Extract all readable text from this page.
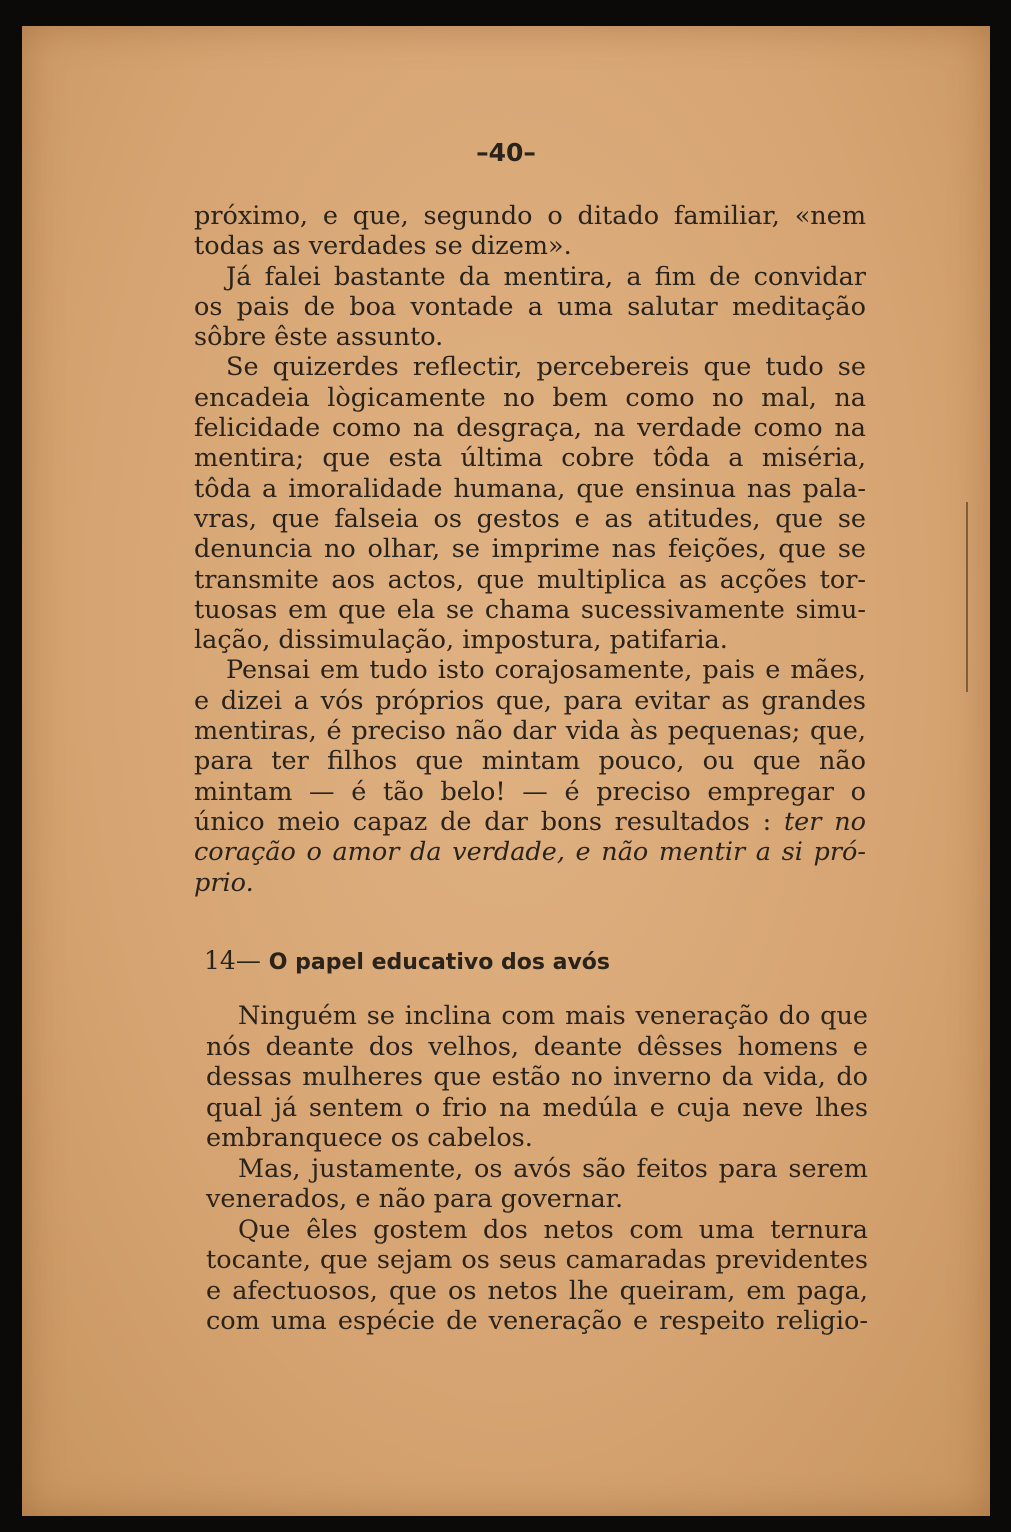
–40–
próximo, e que, segundo o ditado familiar, «nem
todas as verdades se dizem».
Já falei bastante da mentira, a fim de convidar
os pais de boa vontade a uma salutar meditação
sôbre êste assunto.
Se quizerdes reflectir, percebereis que tudo se
encadeia lògicamente no bem como no mal, na
felicidade como na desgraça, na verdade como na
mentira; que esta última cobre tôda a miséria,
tôda a imoralidade humana, que ensinua nas pala-
vras, que falseia os gestos e as atitudes, que se
denuncia no olhar, se imprime nas feições, que se
transmite aos actos, que multiplica as acções tor-
tuosas em que ela se chama sucessivamente simu-
lação, dissimulação, impostura, patifaria.
Pensai em tudo isto corajosamente, pais e mães,
e dizei a vós próprios que, para evitar as grandes
mentiras, é preciso não dar vida às pequenas; que,
para ter filhos que mintam pouco, ou que não
mintam — é tão belo! — é preciso empregar o
único meio capaz de dar bons resultados : ter no
coração o amor da verdade, e não mentir a si pró-
prio.
14— O papel educativo dos avós
Ninguém se inclina com mais veneração do que
nós deante dos velhos, deante dêsses homens e
dessas mulheres que estão no inverno da vida, do
qual já sentem o frio na medúla e cuja neve lhes
embranquece os cabelos.
Mas, justamente, os avós são feitos para serem
venerados, e não para governar.
Que êles gostem dos netos com uma ternura
tocante, que sejam os seus camaradas previdentes
e afectuosos, que os netos lhe queiram, em paga,
com uma espécie de veneração e respeito religio-
